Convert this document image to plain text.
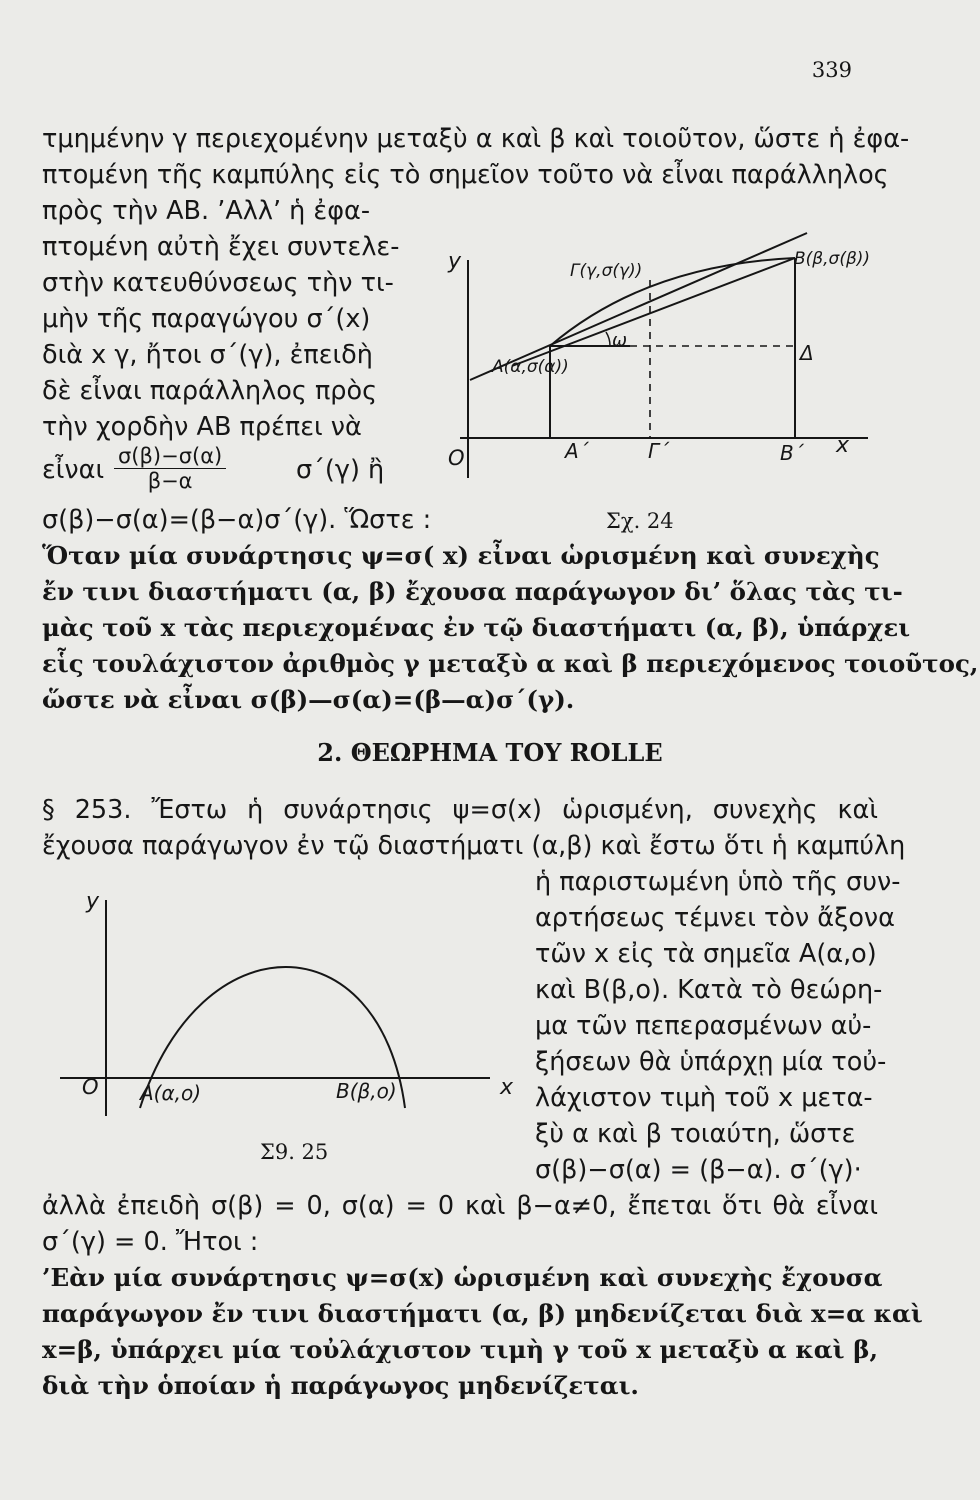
339
τμημένην γ περιεχομένην μεταξὺ α καὶ β καὶ τοιοῦτον, ὥστε ἡ ἐφα-
πτομένη τῆς καμπύλης εἰς τὸ σημεῖον τοῦτο νὰ εἶναι παράλληλος
πρὸς τὴν ΑΒ. ’Αλλ’ ἡ ἐφα-
πτομένη αὐτὴ ἔχει συντελε-
στὴν κατευθύνσεως τὴν τι-
μὴν τῆς παραγώγου σ΄(x)
διὰ x γ, ἤτοι σ΄(γ), ἐπειδὴ
δὲ εἶναι παράλληλος πρὸς
τὴν χορδὴν ΑΒ πρέπει νὰ
εἶναι $\frac{\sigma(\beta)-\sigma(\alpha)}{\beta-\alpha}$	σ΄(γ) ἢ
σ(β)−σ(α)=(β−α)σ΄(γ). Ὥστε :
y	Γ(γ,σ(γ))
Β(β,σ(β))
Α(α,σ(α))
ω
Δ
O	Α΄	Γ΄	Β΄ x
Σχ. 24
Ὅταν μία συνάρτησις ψ=σ( x) εἶναι ὡρισμένη καὶ συνεχὴς
ἔν τινι διαστήματι (α, β) ἔχουσα παράγωγον δι’ ὅλας τὰς τι-
μὰς τοῦ x τὰς περιεχομένας ἐν τῷ διαστήματι (α, β), ὑπάρχει
εἷς τουλάχιστον ἀριθμὸς γ μεταξὺ α καὶ β περιεχόμενος τοιοῦτος,
ὥστε νὰ εἶναι σ(β)—σ(α)=(β—α)σ΄(γ).
2. ΘΕΩΡΗΜΑ ΤΟΥ ROLLE
§ 253. Ἔστω ἡ συνάρτησις ψ=σ(x) ὡρισμένη, συνεχὴς καὶ
ἔχουσα παράγωγον ἐν τῷ διαστήματι (α,β) καὶ ἔστω ὅτι ἡ καμπύλη
ἡ παριστωμένη ὑπὸ τῆς συν-
αρτήσεως τέμνει τὸν ἄξονα
τῶν x εἰς τὰ σημεῖα Α(α,ο)
καὶ Β(β,ο). Κατὰ τὸ θεώρη-
μα τῶν πεπερασμένων αὐ-
ξήσεων θὰ ὑπάρχῃ μία τοὐ-
λάχιστον τιμὴ τοῦ x μετα-
ξὺ α καὶ β τοιαύτη, ὥστε
σ(β)−σ(α) = (β−α). σ΄(γ)·
ἀλλὰ ἐπειδὴ σ(β) = 0, σ(α) = 0 καὶ β−α≠0, ἔπεται ὅτι θὰ εἶναι
σ΄(γ) = 0. Ἤτοι :
y
O Α(α,ο)	Β(β,ο)	x
Σ9. 25
’Εὰν μία συνάρτησις ψ=σ(x) ὡρισμένη καὶ συνεχὴς ἔχουσα
παράγωγον ἔν τινι διαστήματι (α, β) μηδενίζεται διὰ x=α καὶ
x=β, ὑπάρχει μία τοὐλάχιστον τιμὴ γ τοῦ x μεταξὺ α καὶ β,
διὰ τὴν ὁποίαν ἡ παράγωγος μηδενίζεται.
